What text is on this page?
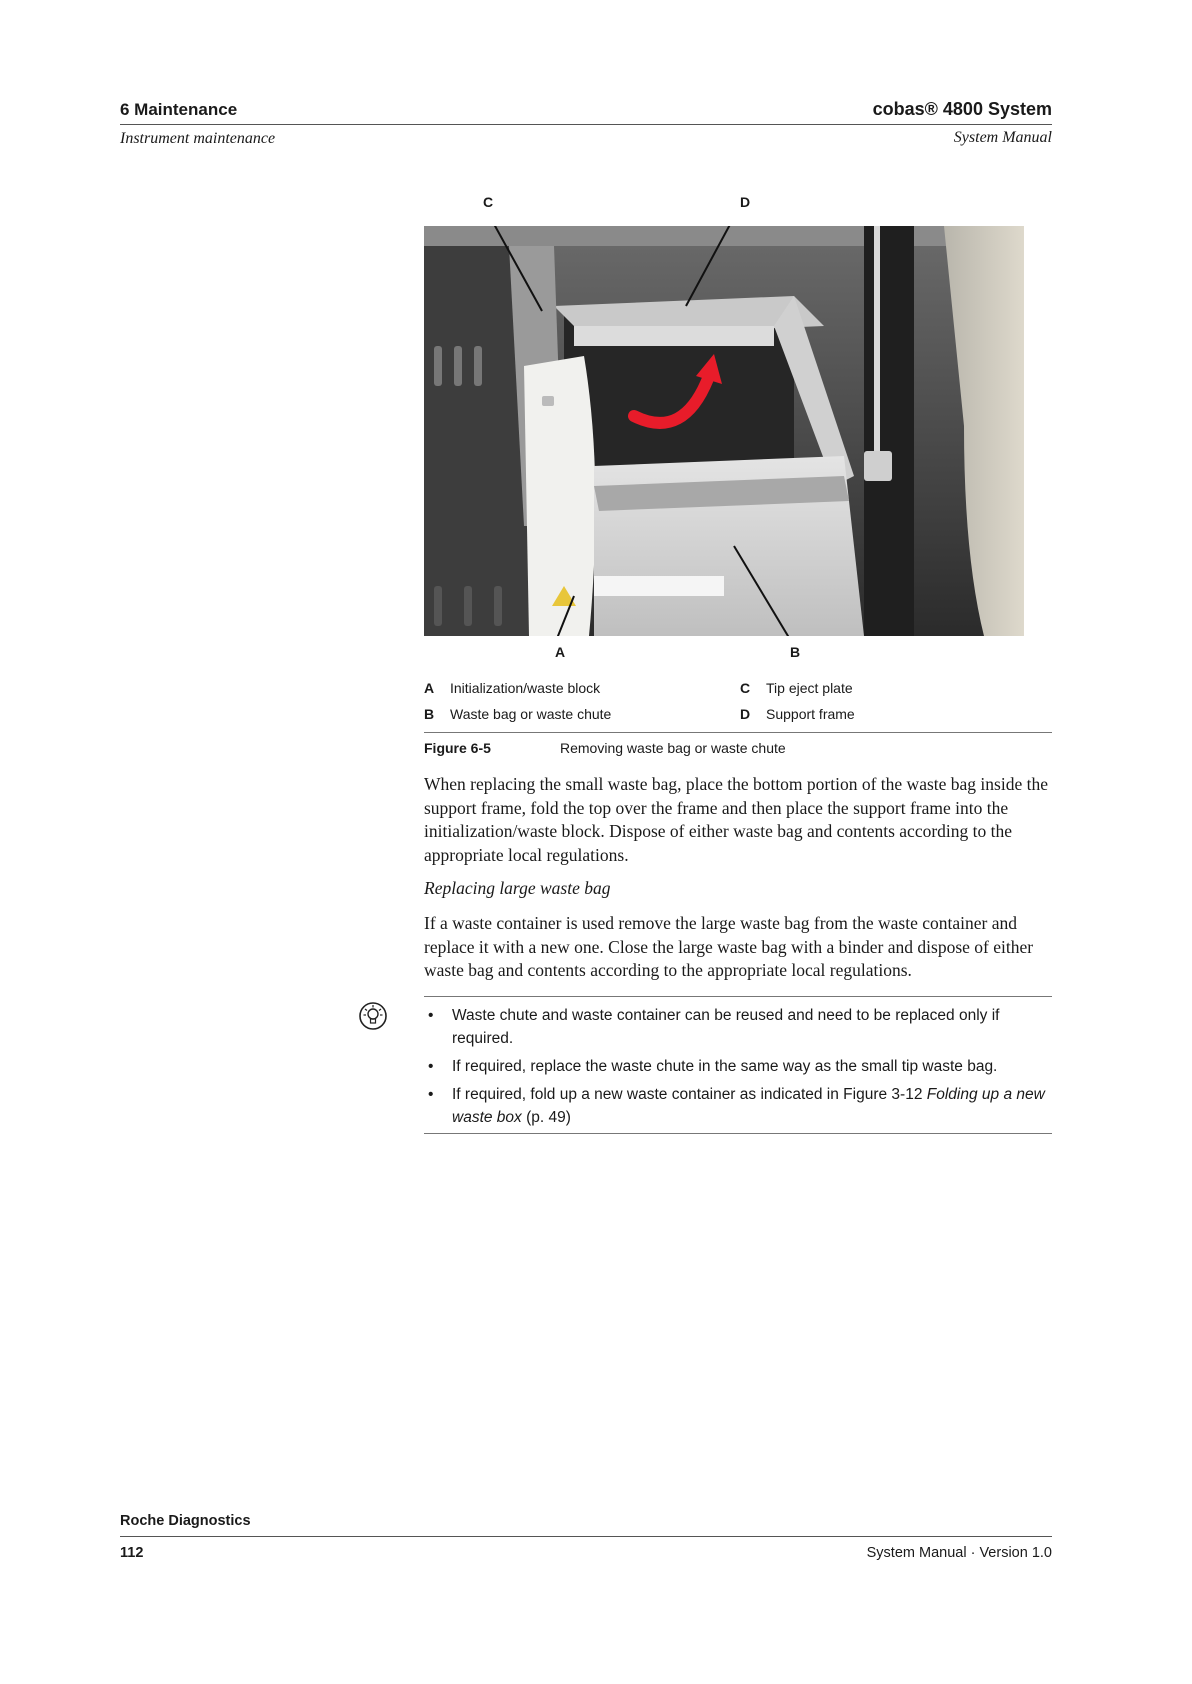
6 Maintenance	cobas® 4800 System
Instrument maintenance	System Manual
C	D
A	B
A Initialization/waste block
B Waste bag or waste chute
C Tip eject plate
D Support frame
Figure 6-5	Removing waste bag or waste chute
When replacing the small waste bag, place the bottom portion of the waste bag inside the support frame, fold the top over the frame and then place the support frame into the initialization/waste block. Dispose of either waste bag and contents according to the appropriate local regulations.
Replacing large waste bag
If a waste container is used remove the large waste bag from the waste container and replace it with a new one. Close the large waste bag with a binder and dispose of either waste bag and contents according to the appropriate local regulations.
• Waste chute and waste container can be reused and need to be replaced only if required.
• If required, replace the waste chute in the same way as the small tip waste bag.
• If required, fold up a new waste container as indicated in Figure 3-12 Folding up a new waste box (p. 49)
Roche Diagnostics
112	System Manual · Version 1.0
